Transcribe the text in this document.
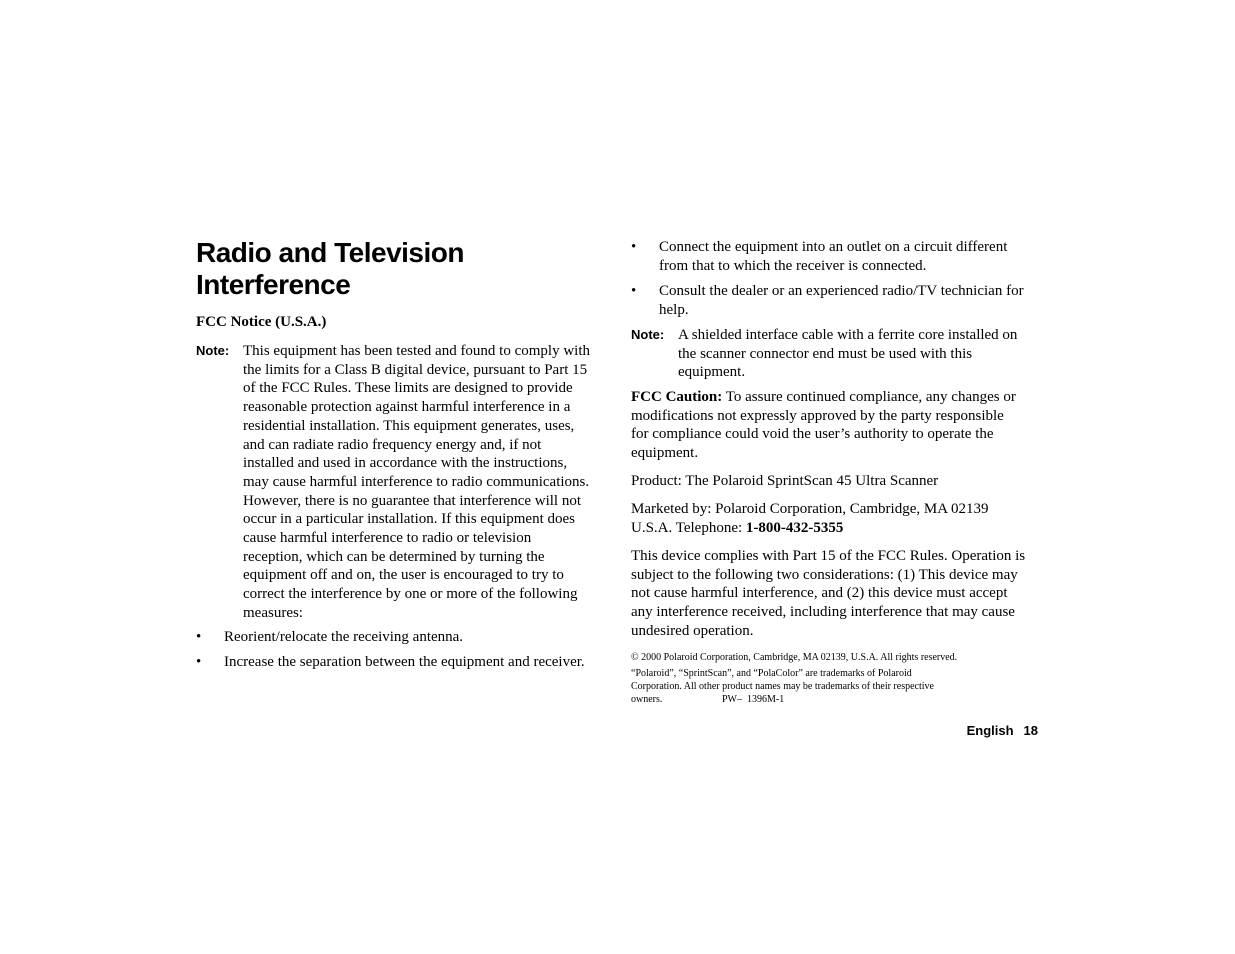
Radio and Television
Interference
FCC Notice (U.S.A.)
Note: This equipment has been tested and found to comply with
the limits for a Class B digital device, pursuant to Part 15
of the FCC Rules. These limits are designed to provide
reasonable protection against harmful interference in a
residential installation. This equipment generates, uses,
and can radiate radio frequency energy and, if not
installed and used in accordance with the instructions,
may cause harmful interference to radio communications.
However, there is no guarantee that interference will not
occur in a particular installation. If this equipment does
cause harmful interference to radio or television
reception, which can be determined by turning the
equipment off and on, the user is encouraged to try to
correct the interference by one or more of the following
measures:
• Reorient/relocate the receiving antenna.
• Increase the separation between the equipment and receiver.
• Connect the equipment into an outlet on a circuit different
from that to which the receiver is connected.
• Consult the dealer or an experienced radio/TV technician for
help.
Note: A shielded interface cable with a ferrite core installed on
the scanner connector end must be used with this
equipment.
FCC Caution: To assure continued compliance, any changes or
modifications not expressly approved by the party responsible
for compliance could void the user’s authority to operate the
equipment.
Product: The Polaroid SprintScan 45 Ultra Scanner
Marketed by: Polaroid Corporation, Cambridge, MA 02139
U.S.A. Telephone: 1-800-432-5355
This device complies with Part 15 of the FCC Rules. Operation is
subject to the following two considerations: (1) This device may
not cause harmful interference, and (2) this device must accept
any interference received, including interference that may cause
undesired operation.
© 2000 Polaroid Corporation, Cambridge, MA 02139, U.S.A. All rights reserved.
“Polaroid”, “SprintScan”, and “PolaColor” are trademarks of Polaroid
Corporation. All other product names may be trademarks of their respective
owners.	PW–  1396M-1
English 18
